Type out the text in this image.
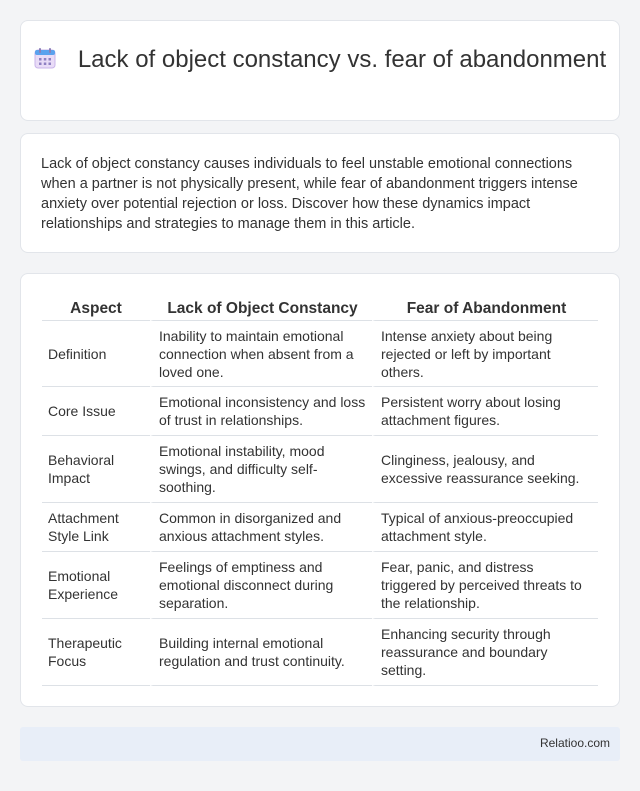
Lack of object constancy vs. fear of abandonment

Lack of object constancy causes individuals to feel unstable emotional connections when a partner is not physically present, while fear of abandonment triggers intense anxiety over potential rejection or loss. Discover how these dynamics impact relationships and strategies to manage them in this article.

Aspect	Lack of Object Constancy	Fear of Abandonment
Definition	Inability to maintain emotional connection when absent from a loved one.	Intense anxiety about being rejected or left by important others.
Core Issue	Emotional inconsistency and loss of trust in relationships.	Persistent worry about losing attachment figures.
Behavioral Impact	Emotional instability, mood swings, and difficulty self-soothing.	Clinginess, jealousy, and excessive reassurance seeking.
Attachment Style Link	Common in disorganized and anxious attachment styles.	Typical of anxious-preoccupied attachment style.
Emotional Experience	Feelings of emptiness and emotional disconnect during separation.	Fear, panic, and distress triggered by perceived threats to the relationship.
Therapeutic Focus	Building internal emotional regulation and trust continuity.	Enhancing security through reassurance and boundary setting.
Relatioo.com
